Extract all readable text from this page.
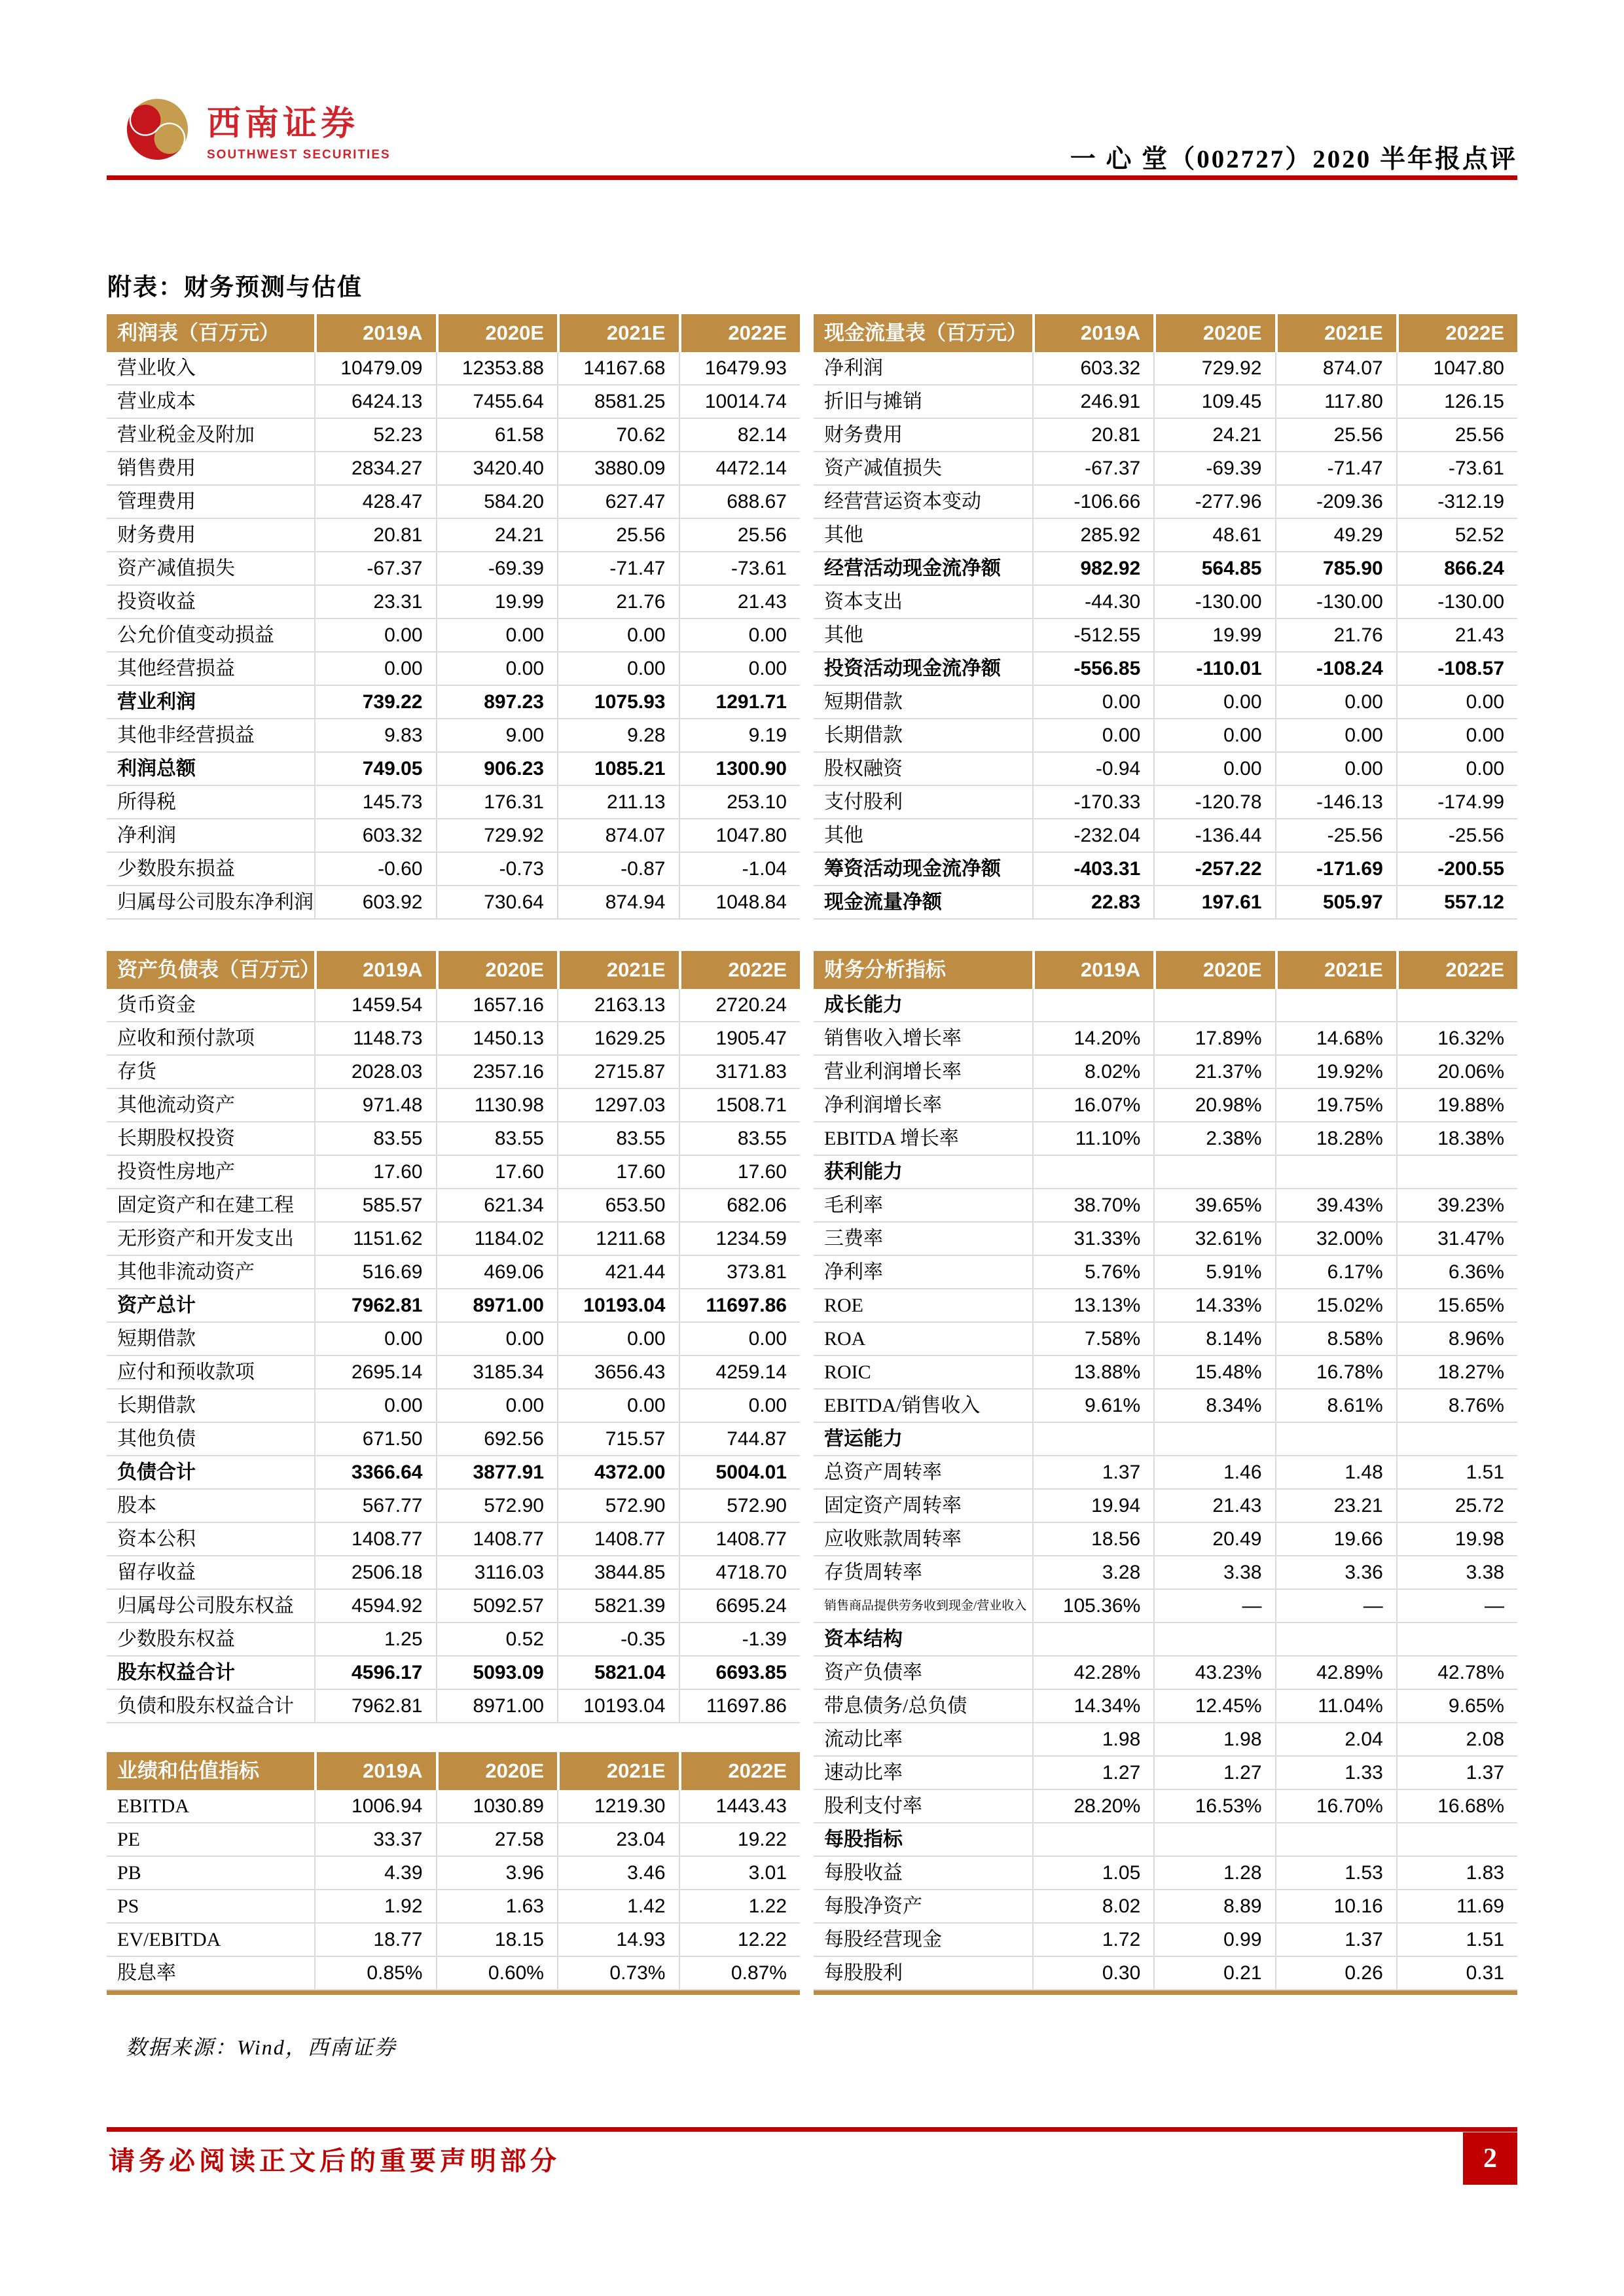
西南证券
SOUTHWEST SECURITIES	一 心 堂（002727）2020 半年报点评
附表：财务预测与估值
利润表（百万元）	2019A	2020E	2021E	2022E
营业收入	10479.09	12353.88	14167.68	16479.93
营业成本	6424.13	7455.64	8581.25	10014.74
营业税金及附加	52.23	61.58	70.62	82.14
销售费用	2834.27	3420.40	3880.09	4472.14
管理费用	428.47	584.20	627.47	688.67
财务费用	20.81	24.21	25.56	25.56
资产减值损失	-67.37	-69.39	-71.47	-73.61
投资收益	23.31	19.99	21.76	21.43
公允价值变动损益	0.00	0.00	0.00	0.00
其他经营损益	0.00	0.00	0.00	0.00
营业利润	739.22	897.23	1075.93	1291.71
其他非经营损益	9.83	9.00	9.28	9.19
利润总额	749.05	906.23	1085.21	1300.90
所得税	145.73	176.31	211.13	253.10
净利润	603.32	729.92	874.07	1047.80
少数股东损益	-0.60	-0.73	-0.87	-1.04
归属母公司股东净利润	603.92	730.64	874.94	1048.84
资产负债表（百万元）	2019A	2020E	2021E	2022E
货币资金	1459.54	1657.16	2163.13	2720.24
应收和预付款项	1148.73	1450.13	1629.25	1905.47
存货	2028.03	2357.16	2715.87	3171.83
其他流动资产	971.48	1130.98	1297.03	1508.71
长期股权投资	83.55	83.55	83.55	83.55
投资性房地产	17.60	17.60	17.60	17.60
固定资产和在建工程	585.57	621.34	653.50	682.06
无形资产和开发支出	1151.62	1184.02	1211.68	1234.59
其他非流动资产	516.69	469.06	421.44	373.81
资产总计	7962.81	8971.00	10193.04	11697.86
短期借款	0.00	0.00	0.00	0.00
应付和预收款项	2695.14	3185.34	3656.43	4259.14
长期借款	0.00	0.00	0.00	0.00
其他负债	671.50	692.56	715.57	744.87
负债合计	3366.64	3877.91	4372.00	5004.01
股本	567.77	572.90	572.90	572.90
资本公积	1408.77	1408.77	1408.77	1408.77
留存收益	2506.18	3116.03	3844.85	4718.70
归属母公司股东权益	4594.92	5092.57	5821.39	6695.24
少数股东权益	1.25	0.52	-0.35	-1.39
股东权益合计	4596.17	5093.09	5821.04	6693.85
负债和股东权益合计	7962.81	8971.00	10193.04	11697.86
业绩和估值指标	2019A	2020E	2021E	2022E
EBITDA	1006.94	1030.89	1219.30	1443.43
PE	33.37	27.58	23.04	19.22
PB	4.39	3.96	3.46	3.01
PS	1.92	1.63	1.42	1.22
EV/EBITDA	18.77	18.15	14.93	12.22
股息率	0.85%	0.60%	0.73%	0.87%
现金流量表（百万元）	2019A	2020E	2021E	2022E
净利润	603.32	729.92	874.07	1047.80
折旧与摊销	246.91	109.45	117.80	126.15
财务费用	20.81	24.21	25.56	25.56
资产减值损失	-67.37	-69.39	-71.47	-73.61
经营营运资本变动	-106.66	-277.96	-209.36	-312.19
其他	285.92	48.61	49.29	52.52
经营活动现金流净额	982.92	564.85	785.90	866.24
资本支出	-44.30	-130.00	-130.00	-130.00
其他	-512.55	19.99	21.76	21.43
投资活动现金流净额	-556.85	-110.01	-108.24	-108.57
短期借款	0.00	0.00	0.00	0.00
长期借款	0.00	0.00	0.00	0.00
股权融资	-0.94	0.00	0.00	0.00
支付股利	-170.33	-120.78	-146.13	-174.99
其他	-232.04	-136.44	-25.56	-25.56
筹资活动现金流净额	-403.31	-257.22	-171.69	-200.55
现金流量净额	22.83	197.61	505.97	557.12
财务分析指标	2019A	2020E	2021E	2022E
成长能力
销售收入增长率	14.20%	17.89%	14.68%	16.32%
营业利润增长率	8.02%	21.37%	19.92%	20.06%
净利润增长率	16.07%	20.98%	19.75%	19.88%
EBITDA 增长率	11.10%	2.38%	18.28%	18.38%
获利能力
毛利率	38.70%	39.65%	39.43%	39.23%
三费率	31.33%	32.61%	32.00%	31.47%
净利率	5.76%	5.91%	6.17%	6.36%
ROE	13.13%	14.33%	15.02%	15.65%
ROA	7.58%	8.14%	8.58%	8.96%
ROIC	13.88%	15.48%	16.78%	18.27%
EBITDA/销售收入	9.61%	8.34%	8.61%	8.76%
营运能力
总资产周转率	1.37	1.46	1.48	1.51
固定资产周转率	19.94	21.43	23.21	25.72
应收账款周转率	18.56	20.49	19.66	19.98
存货周转率	3.28	3.38	3.36	3.38
销售商品提供劳务收到现金/营业收入	105.36%	—	—	—
资本结构
资产负债率	42.28%	43.23%	42.89%	42.78%
带息债务/总负债	14.34%	12.45%	11.04%	9.65%
流动比率	1.98	1.98	2.04	2.08
速动比率	1.27	1.27	1.33	1.37
股利支付率	28.20%	16.53%	16.70%	16.68%
每股指标
每股收益	1.05	1.28	1.53	1.83
每股净资产	8.02	8.89	10.16	11.69
每股经营现金	1.72	0.99	1.37	1.51
每股股利	0.30	0.21	0.26	0.31
数据来源：Wind，西南证券
请务必阅读正文后的重要声明部分	2
